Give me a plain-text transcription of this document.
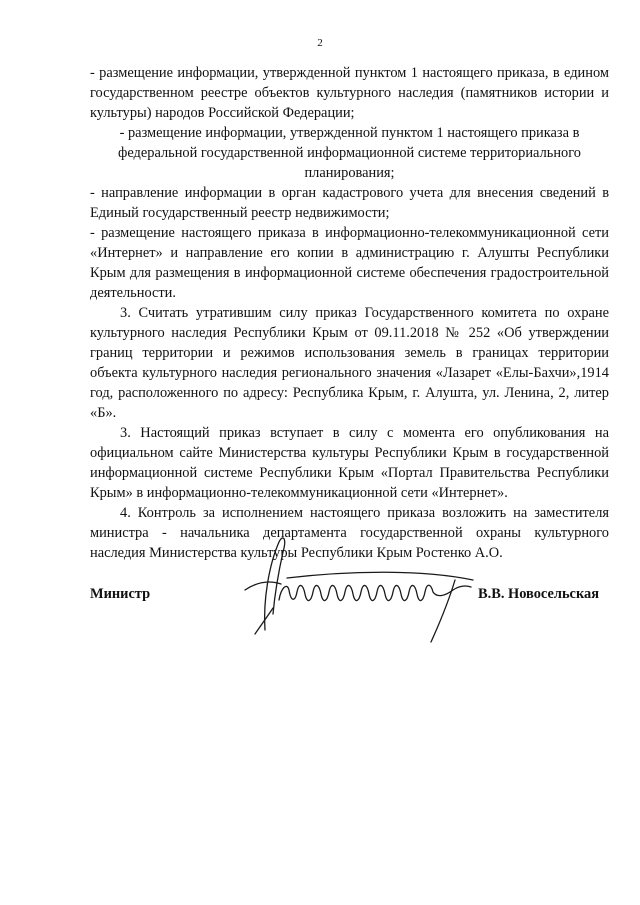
2

- размещение информации, утвержденной пунктом 1 настоящего приказа, в едином государственном реестре объектов культурного наследия (памятников истории и культуры) народов Российской Федерации;

- размещение информации, утвержденной пунктом 1 настоящего приказа в федеральной государственной информационной системе территориального планирования;

- направление информации в орган кадастрового учета для внесения сведений в Единый государственный реестр недвижимости;

- размещение настоящего приказа в информационно-телекоммуникационной сети «Интернет» и направление его копии в администрацию г. Алушты Республики Крым для размещения в информационной системе обеспечения градостроительной деятельности.

3. Считать утратившим силу приказ Государственного комитета по охране культурного наследия Республики Крым от 09.11.2018 № 252 «Об утверждении границ территории и режимов использования земель в границах территории объекта культурного наследия регионального значения «Лазарет «Елы-Бахчи»,1914 год, расположенного по адресу: Республика Крым, г. Алушта, ул. Ленина, 2, литер «Б».

3. Настоящий приказ вступает в силу с момента его опубликования на официальном сайте Министерства культуры Республики Крым в государственной информационной системе Республики Крым «Портал Правительства Республики Крым» в информационно-телекоммуникационной сети «Интернет».

4. Контроль за исполнением настоящего приказа возложить на заместителя министра - начальника департамента государственной охраны культурного наследия Министерства культуры Республики Крым Ростенко А.О.

Министр	В.В. Новосельская
